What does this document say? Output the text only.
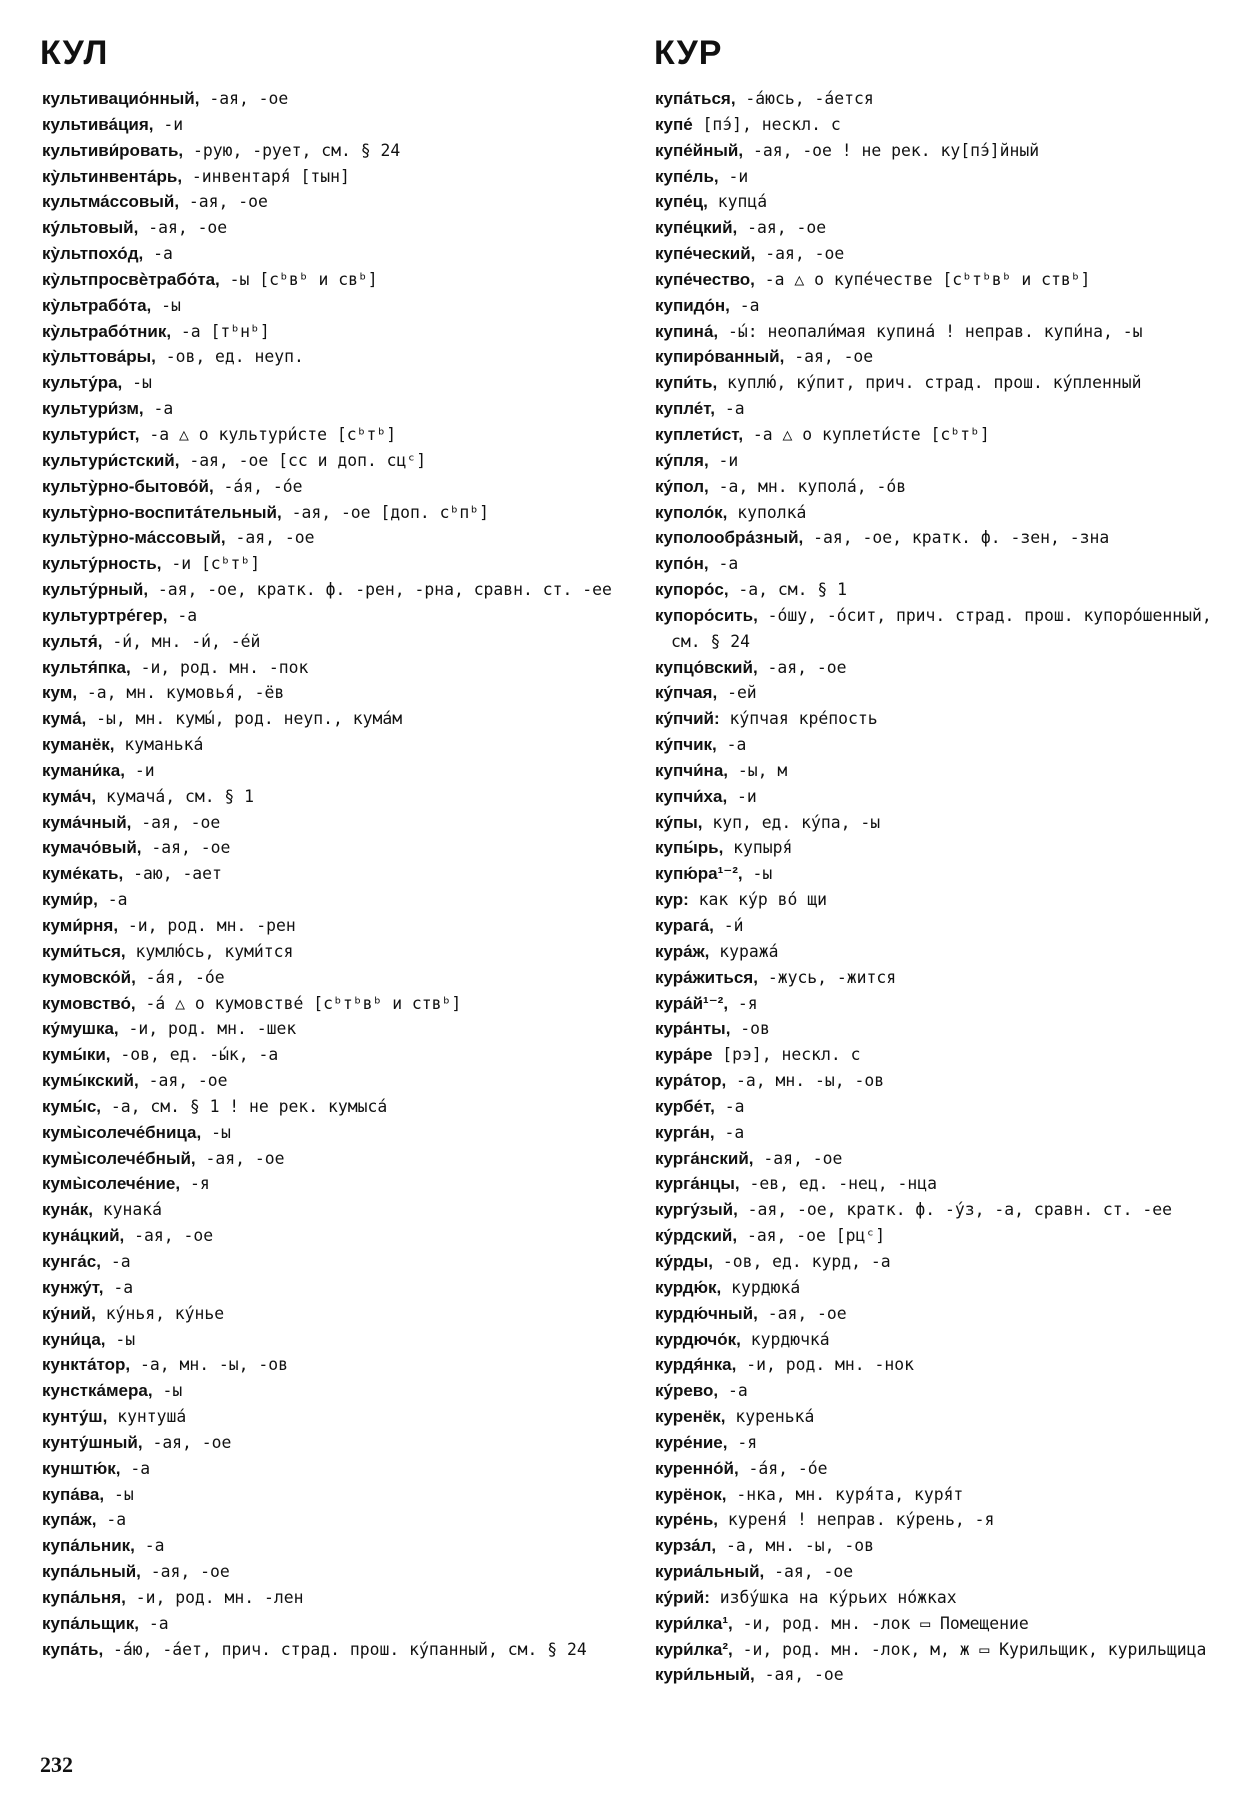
КУЛ	КУР

культивацио́нный, -ая, -ое

культива́ция, -и

культиви́ровать, -рую, -рует, см. § 24

ку̀льтинвента́рь, -инвентаря́ [тын]

культма́ссовый, -ая, -ое

ку́льтовый, -ая, -ое

ку̀льтпохо́д, -а

ку̀льтпросвѐтрабо́та, -ы [сᵇвᵇ и свᵇ]

ку̀льтрабо́та, -ы

ку̀льтрабо́тник, -а [тᵇнᵇ]

ку̀льттова́ры, -ов, ед. неуп.

культу́ра, -ы

культури́зм, -а

культури́ст, -а △ о культури́сте [сᵇтᵇ]

культури́стский, -ая, -ое [сс и доп. сцᶜ]

культу̀рно-бытово́й, -а́я, -о́е

культу̀рно-воспита́тельный, -ая, -ое [доп. сᵇпᵇ]

культу̀рно-ма́ссовый, -ая, -ое

культу́рность, -и [сᵇтᵇ]

культу́рный, -ая, -ое, кратк. ф. -рен, -рна, сравн. ст. -ее

культуртре́гер, -а

культя́, -и́, мн. -и́, -е́й

культя́пка, -и, род. мн. -пок

кум, -а, мн. кумовья́, -ёв

кума́, -ы, мн. кумы́, род. неуп., кума́м

куманёк, куманька́

кумани́ка, -и

кума́ч, кумача́, см. § 1

кума́чный, -ая, -ое

кумачо́вый, -ая, -ое

куме́кать, -аю, -ает

куми́р, -а

куми́рня, -и, род. мн. -рен

куми́ться, кумлю́сь, куми́тся

кумовско́й, -а́я, -о́е

кумовство́, -а́ △ о кумовстве́ [сᵇтᵇвᵇ и ствᵇ]

ку́мушка, -и, род. мн. -шек

кумы́ки, -ов, ед. -ы́к, -а

кумы́кский, -ая, -ое

кумы́с, -а, см. § 1 ! не рек. кумыса́

кумы̀солече́бница, -ы

кумы̀солече́бный, -ая, -ое

кумы̀солече́ние, -я

куна́к, кунака́

куна́цкий, -ая, -ое

кунга́с, -а

кунжу́т, -а

ку́ний, ку́нья, ку́нье

куни́ца, -ы

кункта́тор, -а, мн. -ы, -ов

кунстка́мера, -ы

кунту́ш, кунтуша́

кунту́шный, -ая, -ое

кунштю́к, -а

купа́ва, -ы

купа́ж, -а

купа́льник, -а

купа́льный, -ая, -ое

купа́льня, -и, род. мн. -лен

купа́льщик, -а

купа́ть, -а́ю, -а́ет, прич. страд. прош. ку́панный, см. § 24

купа́ться, -а́юсь, -а́ется

купе́ [пэ́], нескл. с

купе́йный, -ая, -ое ! не рек. ку[пэ́]йный

купе́ль, -и

купе́ц, купца́

купе́цкий, -ая, -ое

купе́ческий, -ая, -ое

купе́чество, -а △ о купе́честве [сᵇтᵇвᵇ и ствᵇ]

купидо́н, -а

купина́, -ы́: неопали́мая купина́ ! неправ. купи́на, -ы

купиро́ванный, -ая, -ое

купи́ть, куплю́, ку́пит, прич. страд. прош. ку́пленный

купле́т, -а

куплети́ст, -а △ о куплети́сте [сᵇтᵇ]

ку́пля, -и

ку́пол, -а, мн. купола́, -о́в

куполо́к, куполка́

куполообра́зный, -ая, -ое, кратк. ф. -зен, -зна

купо́н, -а

купоро́с, -а, см. § 1

купоро́сить, -о́шу, -о́сит, прич. страд. прош. купоро́шенный, см. § 24

купцо́вский, -ая, -ое

ку́пчая, -ей

ку́пчий: ку́пчая кре́пость

ку́пчик, -а

купчи́на, -ы, м

купчи́ха, -и

ку́пы, куп, ед. ку́па, -ы

купы́рь, купыря́

купю́ра¹⁻², -ы

кур: как ку́р во́ щи

курага́, -и́

кура́ж, куража́

кура́житься, -жусь, -жится

кура́й¹⁻², -я

кура́нты, -ов

кура́ре [рэ], нескл. с

кура́тор, -а, мн. -ы, -ов

курбе́т, -а

курга́н, -а

курга́нский, -ая, -ое

курга́нцы, -ев, ед. -нец, -нца

кургу́зый, -ая, -ое, кратк. ф. -у́з, -а, сравн. ст. -ее

ку́рдский, -ая, -ое [рцᶜ]

ку́рды, -ов, ед. курд, -а

курдю́к, курдюка́

курдю́чный, -ая, -ое

курдючо́к, курдючка́

курдя́нка, -и, род. мн. -нок

ку́рево, -а

куренёк, куренька́

куре́ние, -я

куренно́й, -а́я, -о́е

курёнок, -нка, мн. куря́та, куря́т

куре́нь, куреня́ ! неправ. ку́рень, -я

курза́л, -а, мн. -ы, -ов

куриа́льный, -ая, -ое

ку́рий: избу́шка на ку́рьих но́жках

кури́лка¹, -и, род. мн. -лок ▭ Помещение

кури́лка², -и, род. мн. -лок, м, ж ▭ Курильщик, курильщица

кури́льный, -ая, -ое

232
